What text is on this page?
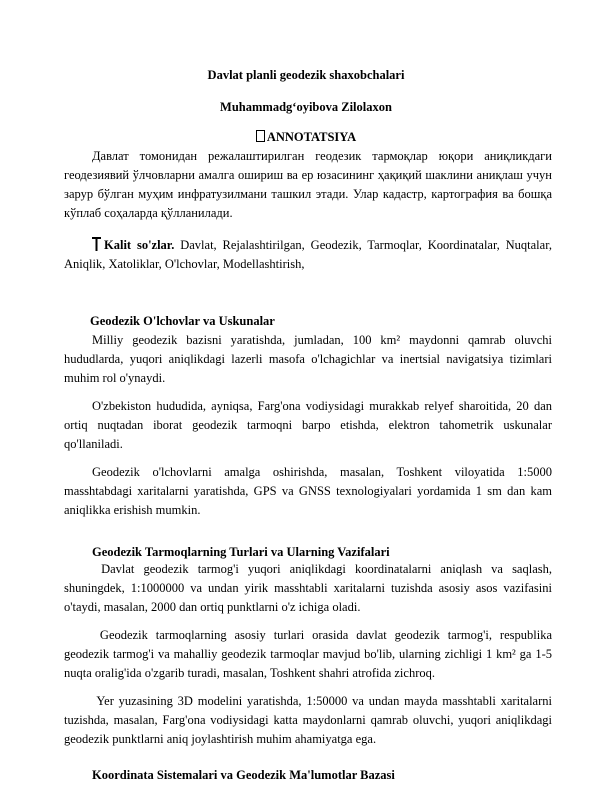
Davlat planli geodezik shaxobchalari
Muhammadg‘oyibova Zilolaxon
ANNOTATSIYA
Давлат томонидан режалаштирилган геодезик тармоқлар юқори аниқликдаги геодезиявий ўлчовларни амалга ошириш ва ер юзасининг ҳақиқий шаклини аниқлаш учун зарур бўлган муҳим инфратузилмани ташкил этади. Улар кадастр, картография ва бошқа кўплаб соҳаларда қўлланилади.
Kalit so'zlar. Davlat, Rejalashtirilgan, Geodezik, Tarmoqlar, Koordinatalar, Nuqtalar, Aniqlik, Xatoliklar, O'lchovlar, Modellashtirish,
Geodezik O'lchovlar va Uskunalar
Milliy geodezik bazisni yaratishda, jumladan, 100 km² maydonni qamrab oluvchi hududlarda, yuqori aniqlikdagi lazerli masofa o'lchagichlar va inertsial navigatsiya tizimlari muhim rol o'ynaydi.
O'zbekiston hududida, ayniqsa, Farg'ona vodiysidagi murakkab relyef sharoitida, 20 dan ortiq nuqtadan iborat geodezik tarmoqni barpo etishda, elektron tahometrik uskunalar qo'llaniladi.
Geodezik o'lchovlarni amalga oshirishda, masalan, Toshkent viloyatida 1:5000 masshtabdagi xaritalarni yaratishda, GPS va GNSS texnologiyalari yordamida 1 sm dan kam aniqlikka erishish mumkin.
Geodezik Tarmoqlarning Turlari va Ularning Vazifalari
Davlat geodezik tarmog'i yuqori aniqlikdagi koordinatalarni aniqlash va saqlash, shuningdek, 1:1000000 va undan yirik masshtabli xaritalarni tuzishda asosiy asos vazifasini o'taydi, masalan, 2000 dan ortiq punktlarni o'z ichiga oladi.
Geodezik tarmoqlarning asosiy turlari orasida davlat geodezik tarmog'i, respublika geodezik tarmog'i va mahalliy geodezik tarmoqlar mavjud bo'lib, ularning zichligi 1 km² ga 1-5 nuqta oralig'ida o'zgarib turadi, masalan, Toshkent shahri atrofida zichroq.
Yer yuzasining 3D modelini yaratishda, 1:50000 va undan mayda masshtabli xaritalarni tuzishda, masalan, Farg'ona vodiysidagi katta maydonlarni qamrab oluvchi, yuqori aniqlikdagi geodezik punktlarni aniq joylashtirish muhim ahamiyatga ega.
Koordinata Sistemalari va Geodezik Ma'lumotlar Bazasi
